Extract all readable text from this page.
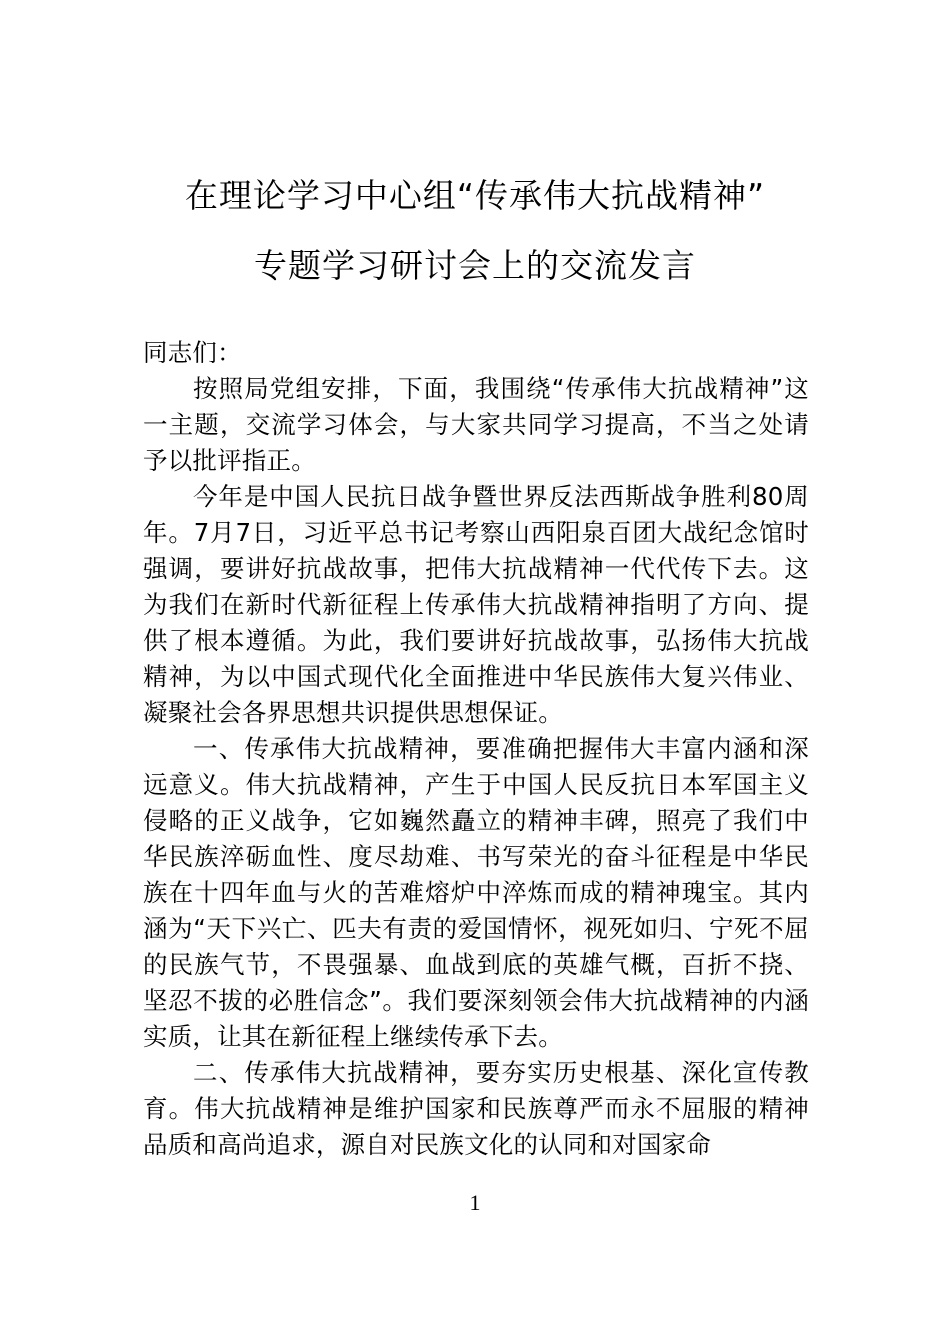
在理论学习中心组“传承伟大抗战精神”
专题学习研讨会上的交流发言

同志们：

按照局党组安排，下面，我围绕“传承伟大抗战精神”这一主题，交流学习体会，与大家共同学习提高，不当之处请予以批评指正。

今年是中国人民抗日战争暨世界反法西斯战争胜利80周年。7月7日，习近平总书记考察山西阳泉百团大战纪念馆时强调，要讲好抗战故事，把伟大抗战精神一代代传下去。这为我们在新时代新征程上传承伟大抗战精神指明了方向、提供了根本遵循。为此，我们要讲好抗战故事，弘扬伟大抗战精神，为以中国式现代化全面推进中华民族伟大复兴伟业、凝聚社会各界思想共识提供思想保证。

一、传承伟大抗战精神，要准确把握伟大丰富内涵和深远意义。伟大抗战精神，产生于中国人民反抗日本军国主义侵略的正义战争，它如巍然矗立的精神丰碑，照亮了我们中华民族淬砺血性、度尽劫难、书写荣光的奋斗征程是中华民族在十四年血与火的苦难熔炉中淬炼而成的精神瑰宝。其内涵为“天下兴亡、匹夫有责的爱国情怀，视死如归、宁死不屈的民族气节，不畏强暴、血战到底的英雄气概，百折不挠、坚忍不拔的必胜信念”。我们要深刻领会伟大抗战精神的内涵实质，让其在新征程上继续传承下去。

二、传承伟大抗战精神，要夯实历史根基、深化宣传教育。伟大抗战精神是维护国家和民族尊严而永不屈服的精神品质和高尚追求，源自对民族文化的认同和对国家命

1
